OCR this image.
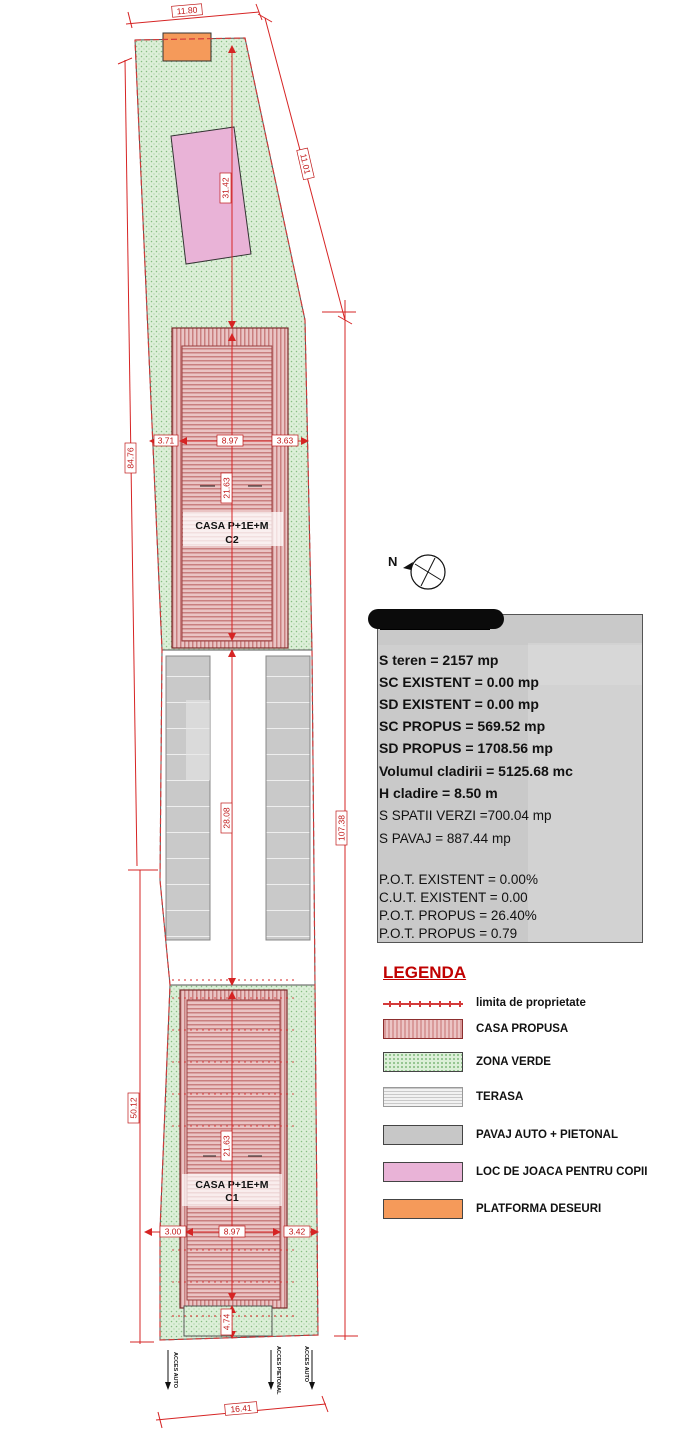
CASA P+1E+M
C2
CASA P+1E+M
C1
11.80
11.01
31.42
3.71	8.97	3.63
21.63
28.08
3.00	8.97	3.42
21.63
4.74
84.76
50.12
107.38
16.41
ACCES AUTO	ACCES PIETONAL	ACCES AUTO
N
S teren = 2157 mp
SC EXISTENT = 0.00 mp
SD EXISTENT = 0.00 mp
SC PROPUS = 569.52 mp
SD PROPUS = 1708.56 mp
Volumul cladirii = 5125.68 mc
H cladire = 8.50 m
S SPATII VERZI =700.04 mp
S PAVAJ = 887.44 mp
P.O.T. EXISTENT = 0.00%
C.U.T. EXISTENT = 0.00
P.O.T. PROPUS = 26.40%
P.O.T. PROPUS = 0.79
LEGENDA
limita de proprietate
CASA PROPUSA
ZONA VERDE
TERASA
PAVAJ AUTO + PIETONAL
LOC DE JOACA PENTRU COPII
PLATFORMA DESEURI
